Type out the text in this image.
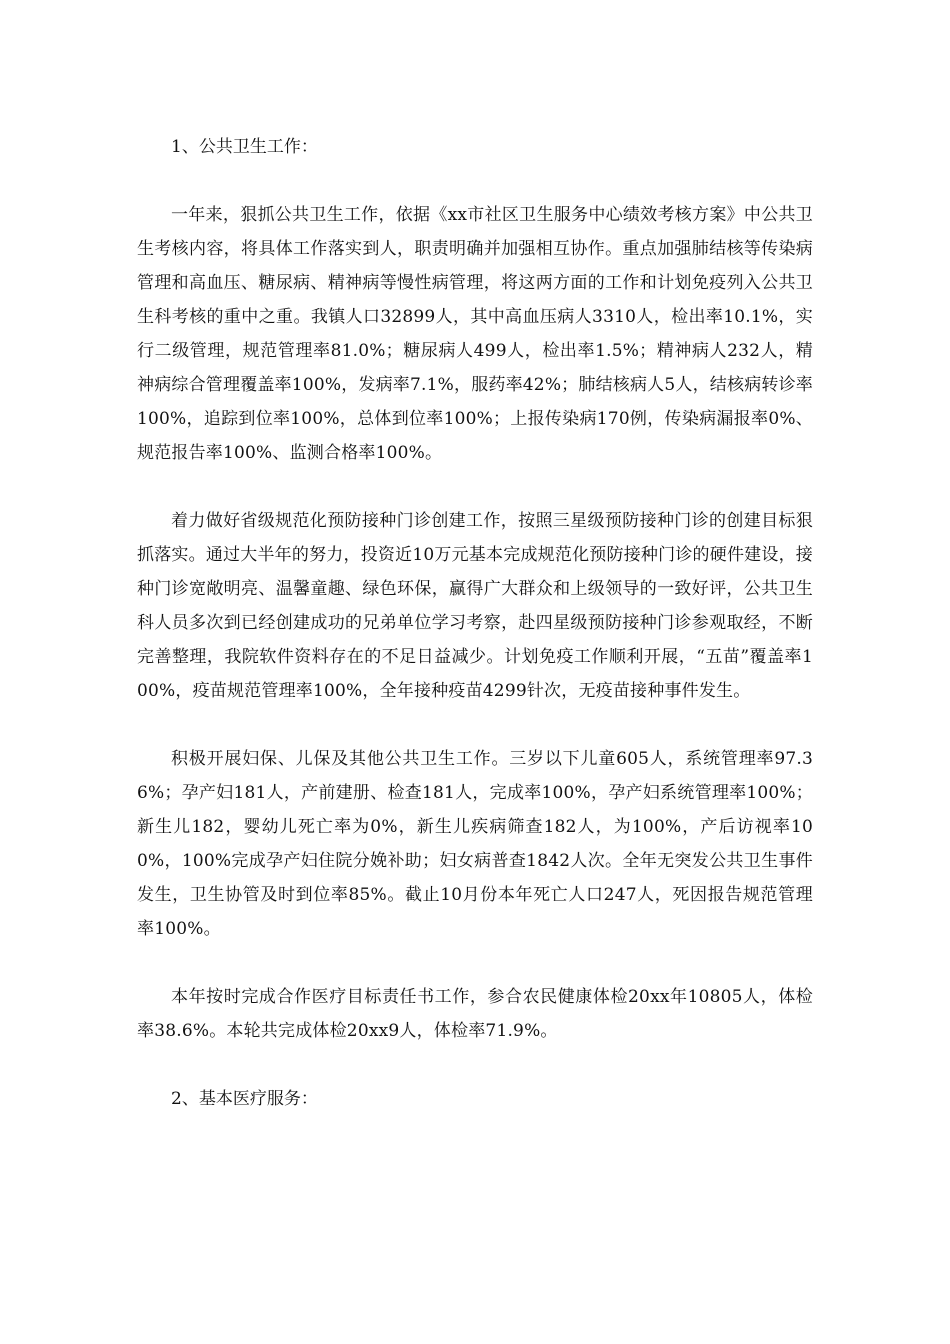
1、公共卫生工作：

一年来，狠抓公共卫生工作，依据《xx市社区卫生服务中心绩效考核方案》中公共卫生考核内容，将具体工作落实到人，职责明确并加强相互协作。重点加强肺结核等传染病管理和高血压、糖尿病、精神病等慢性病管理，将这两方面的工作和计划免疫列入公共卫生科考核的重中之重。我镇人口32899人，其中高血压病人3310人，检出率10.1%，实行二级管理，规范管理率81.0%；糖尿病人499人，检出率1.5%；精神病人232人，精神病综合管理覆盖率100%，发病率7.1%，服药率42%；肺结核病人5人，结核病转诊率100%，追踪到位率100%，总体到位率100%；上报传染病170例，传染病漏报率0%、规范报告率100%、监测合格率100%。

着力做好省级规范化预防接种门诊创建工作，按照三星级预防接种门诊的创建目标狠抓落实。通过大半年的努力，投资近10万元基本完成规范化预防接种门诊的硬件建设，接种门诊宽敞明亮、温馨童趣、绿色环保，赢得广大群众和上级领导的一致好评，公共卫生科人员多次到已经创建成功的兄弟单位学习考察，赴四星级预防接种门诊参观取经，不断完善整理，我院软件资料存在的不足日益减少。计划免疫工作顺利开展，“五苗”覆盖率100%，疫苗规范管理率100%，全年接种疫苗4299针次，无疫苗接种事件发生。

积极开展妇保、儿保及其他公共卫生工作。三岁以下儿童605人，系统管理率97.36%；孕产妇181人，产前建册、检查181人，完成率100%，孕产妇系统管理率100%；新生儿182，婴幼儿死亡率为0%，新生儿疾病筛查182人，为100%，产后访视率100%，100%完成孕产妇住院分娩补助；妇女病普查1842人次。全年无突发公共卫生事件发生，卫生协管及时到位率85%。截止10月份本年死亡人口247人，死因报告规范管理率100%。

本年按时完成合作医疗目标责任书工作，参合农民健康体检20xx年10805人，体检率38.6%。本轮共完成体检20xx9人，体检率71.9%。

2、基本医疗服务：
